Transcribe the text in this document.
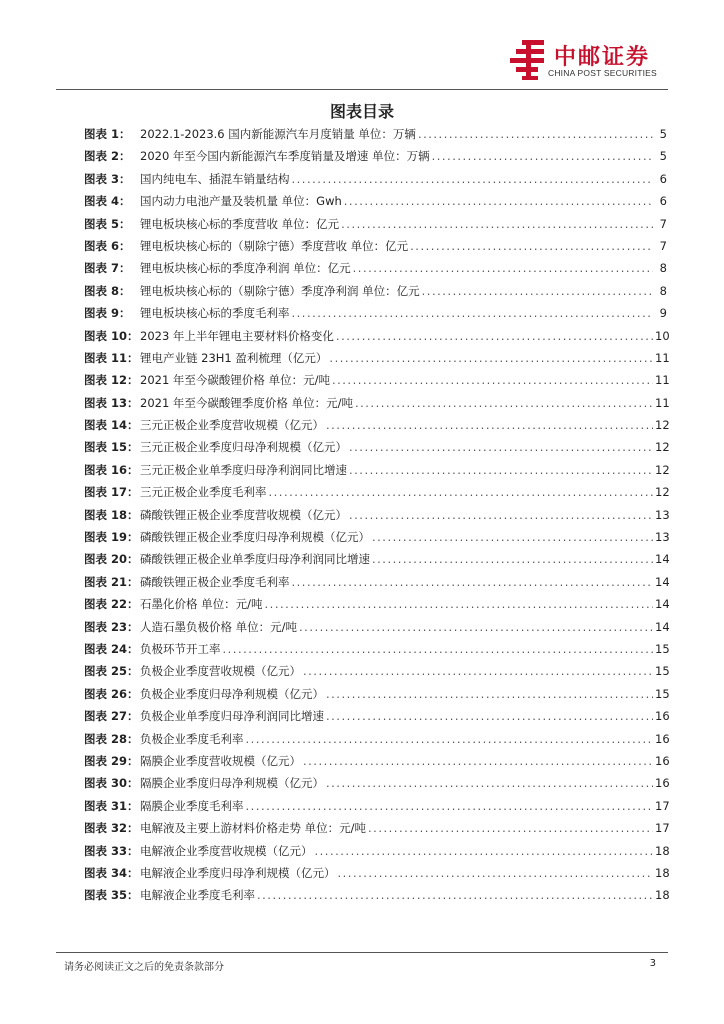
中邮证券
CHINA POST SECURITIES
图表目录
图表 1： 2022.1-2023.6 国内新能源汽车月度销量 单位：万辆 .....	5
图表 2： 2020 年至今国内新能源汽车季度销量及增速 单位：万辆 .....	5
图表 3： 国内纯电车、插混车销量结构 .....	6
图表 4： 国内动力电池产量及装机量 单位：Gwh .....	6
图表 5： 锂电板块核心标的季度营收 单位：亿元 .....	7
图表 6： 锂电板块核心标的（剔除宁德）季度营收 单位：亿元 .....	7
图表 7： 锂电板块核心标的季度净利润 单位：亿元 .....	8
图表 8： 锂电板块核心标的（剔除宁德）季度净利润 单位：亿元 .....	8
图表 9： 锂电板块核心标的季度毛利率 .....	9
图表 10： 2023 年上半年锂电主要材料价格变化 .....	10
图表 11： 锂电产业链 23H1 盈利梳理（亿元） .....	11
图表 12： 2021 年至今碳酸锂价格 单位：元/吨 .....	11
图表 13： 2021 年至今碳酸锂季度价格 单位：元/吨 .....	11
图表 14： 三元正极企业季度营收规模（亿元） .....	12
图表 15： 三元正极企业季度归母净利规模（亿元） .....	12
图表 16： 三元正极企业单季度归母净利润同比增速 .....	12
图表 17： 三元正极企业季度毛利率 .....	12
图表 18： 磷酸铁锂正极企业季度营收规模（亿元） .....	13
图表 19： 磷酸铁锂正极企业季度归母净利规模（亿元） .....	13
图表 20： 磷酸铁锂正极企业单季度归母净利润同比增速 .....	14
图表 21： 磷酸铁锂正极企业季度毛利率 .....	14
图表 22： 石墨化价格 单位：元/吨 .....	14
图表 23： 人造石墨负极价格 单位：元/吨 .....	14
图表 24： 负极环节开工率 .....	15
图表 25： 负极企业季度营收规模（亿元） .....	15
图表 26： 负极企业季度归母净利规模（亿元） .....	15
图表 27： 负极企业单季度归母净利润同比增速 .....	16
图表 28： 负极企业季度毛利率 .....	16
图表 29： 隔膜企业季度营收规模（亿元） .....	16
图表 30： 隔膜企业季度归母净利规模（亿元） .....	16
图表 31： 隔膜企业季度毛利率 .....	17
图表 32： 电解液及主要上游材料价格走势 单位：元/吨 .....	17
图表 33： 电解液企业季度营收规模（亿元） .....	18
图表 34： 电解液企业季度归母净利规模（亿元） .....	18
图表 35： 电解液企业季度毛利率 .....	18
请务必阅读正文之后的免责条款部分	3
